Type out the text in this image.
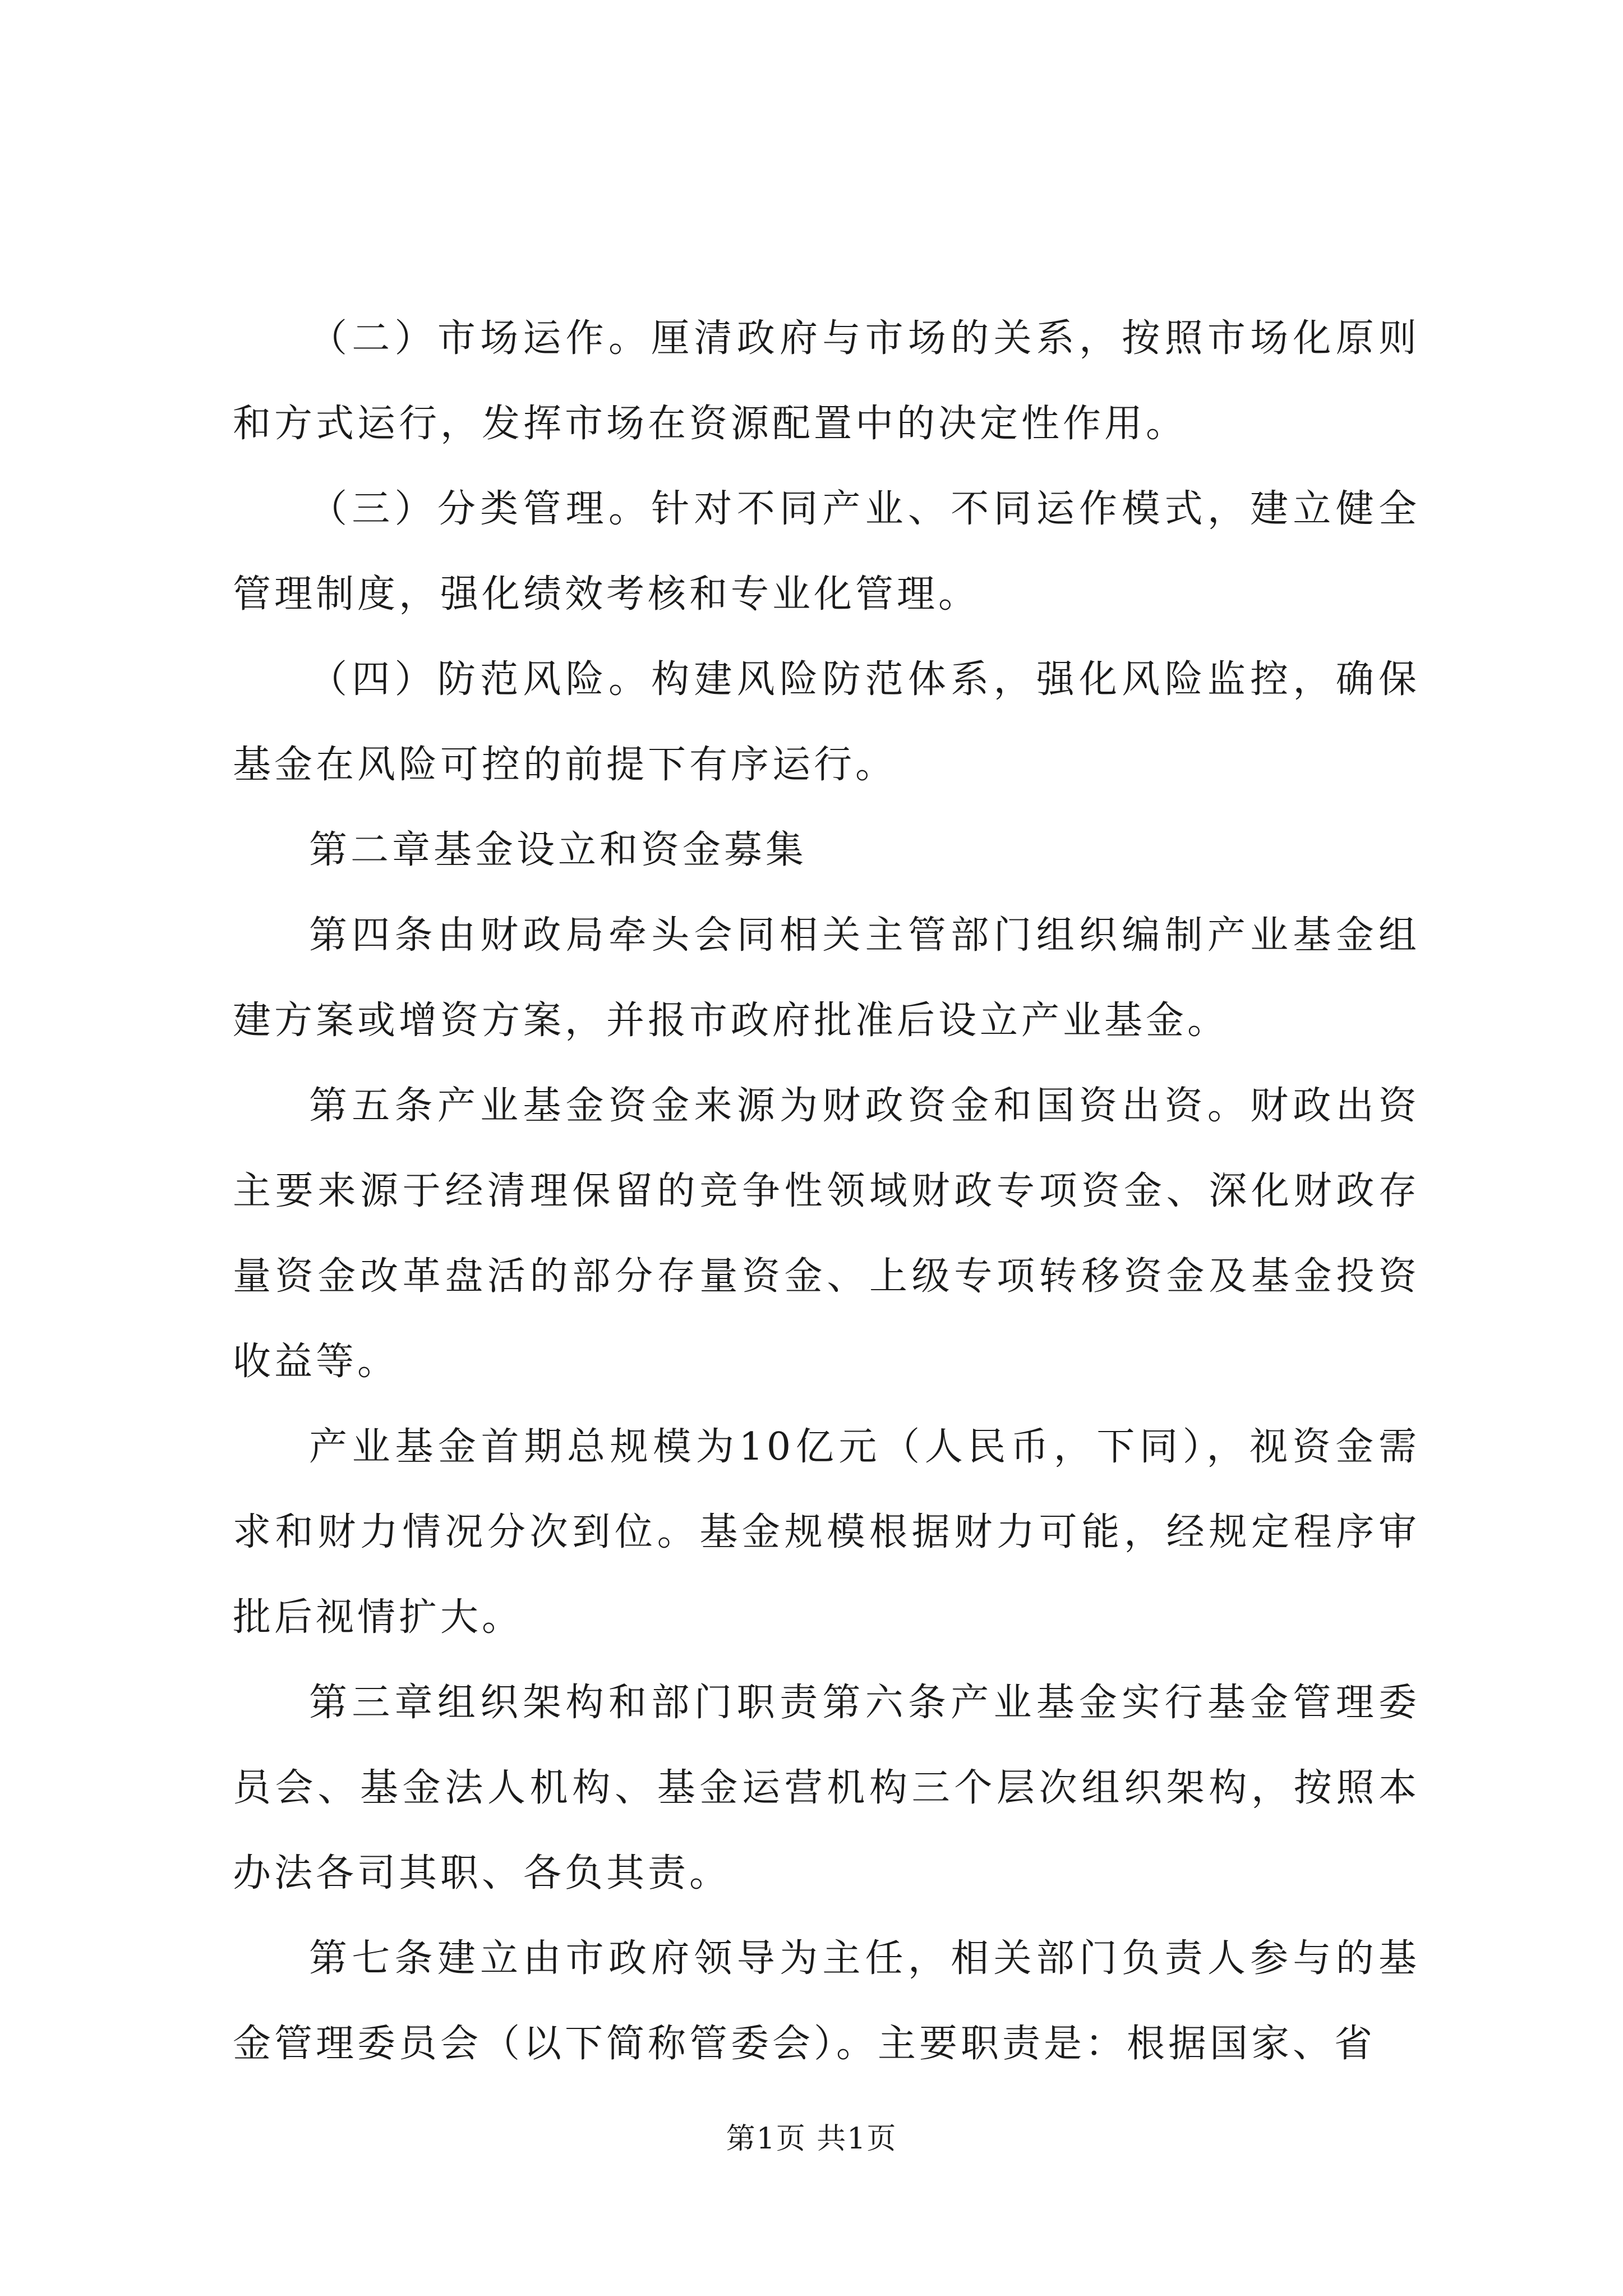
（二）市场运作。厘清政府与市场的关系，按照市场化原则和方式运行，发挥市场在资源配置中的决定性作用。

（三）分类管理。针对不同产业、不同运作模式，建立健全管理制度，强化绩效考核和专业化管理。

（四）防范风险。构建风险防范体系，强化风险监控，确保基金在风险可控的前提下有序运行。

第二章基金设立和资金募集

第四条由财政局牵头会同相关主管部门组织编制产业基金组建方案或增资方案，并报市政府批准后设立产业基金。

第五条产业基金资金来源为财政资金和国资出资。财政出资主要来源于经清理保留的竞争性领域财政专项资金、深化财政存量资金改革盘活的部分存量资金、上级专项转移资金及基金投资收益等。

产业基金首期总规模为10亿元（人民币，下同），视资金需求和财力情况分次到位。基金规模根据财力可能，经规定程序审批后视情扩大。

第三章组织架构和部门职责第六条产业基金实行基金管理委员会、基金法人机构、基金运营机构三个层次组织架构，按照本办法各司其职、各负其责。

第七条建立由市政府领导为主任，相关部门负责人参与的基金管理委员会（以下简称管委会）。主要职责是：根据国家、省

第1页 共1页
